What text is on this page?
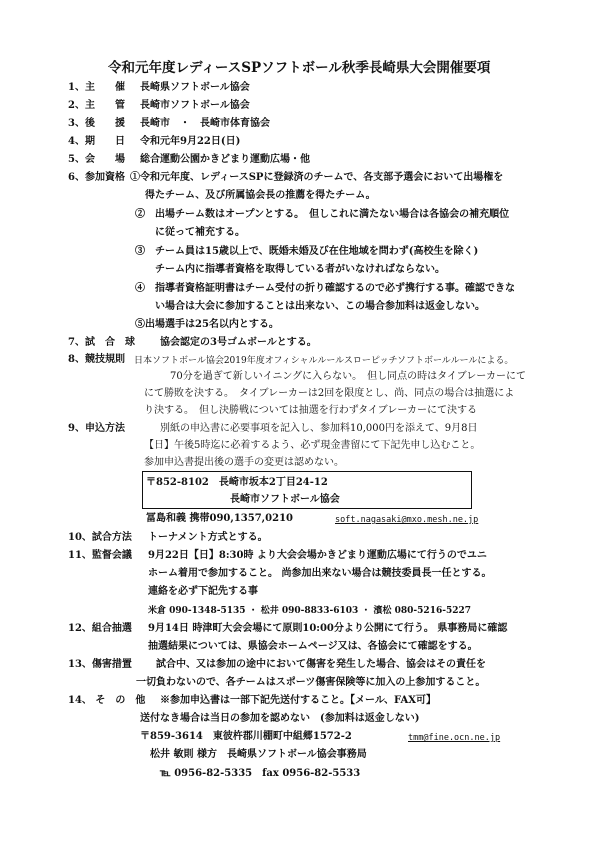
令和元年度レディースSPソフトボール秋季長崎県大会開催要項
1、主　　催 長崎県ソフトボール協会
2、主　　管 長崎市ソフトボール協会
3、後　　援 長崎市　・　長崎市体育協会
4、期　　日 令和元年9月22日(日)
5、会　　場 総合運動公園かきどまり運動広場・他
6、参加資格 ①令和元年度、レディースSPに登録済のチームで、各支部予選会において出場権を
得たチーム、及び所属協会長の推薦を得たチーム。
②　出場チーム数はオープンとする。　但しこれに満たない場合は各協会の補充順位
に従って補充する。
③　チーム員は15歳以上で、既婚未婚及び在住地域を問わず(高校生を除く)
チーム内に指導者資格を取得している者がいなければならない。
④　指導者資格証明書はチーム受付の折り確認するので必ず携行する事。確認できな
い場合は大会に参加することは出来ない、この場合参加料は返金しない。
⑤出場選手は25名以内とする。
7、試　合　球	協会認定の3号ゴムボールとする。
8、競技規則 日本ソフトボール協会2019年度オフィシャルルールスローピッチソフトボールルールによる。
70分を過ぎて新しいイニングに入らない。　但し同点の時はタイブレーカーにて
にて勝敗を決する。　タイブレーカーは2回を限度とし、尚、同点の場合は抽選によ
り決する。　但し決勝戦については抽選を行わずタイブレーカーにて決する
9、申込方法	別紙の申込書に必要事項を記入し、参加料10,000円を添えて、9月8日
【日】午後5時迄に必着するよう、必ず現金書留にて下記先申し込むこと。
参加申込書提出後の選手の変更は認めない。
〒852-8102　長崎市坂本2丁目24-12
長崎市ソフトボール協会
冨島和義 携帯090,1357,0210	soft.nagasaki@mxo.mesh.ne.jp
10、試合方法 トーナメント方式とする。
11、監督会議 9月22日【日】8:30時 より大会会場かきどまり運動広場にて行うのでユニ
ホーム着用で参加すること。 尚参加出来ない場合は競技委員長一任とする。
連絡を必ず下記先する事
米倉 090-1348-5135 ・ 松井 090-8833-6103 ・ 濱松 080-5216-5227
12、組合抽選 9月14日 時津町大会会場にて原則10:00分より公開にて行う。 県事務局に確認
抽選結果については、県協会ホームページ又は、各協会にて確認をする。
13、傷害措置 試合中、又は参加の途中において傷害を発生した場合、協会はその責任を
一切負わないので、各チームはスポーツ傷害保険等に加入の上参加すること。
14、 そ　の　他 ※参加申込書は一部下記先送付すること。【メール、FAX可】
送付なき場合は当日の参加を認めない　(参加料は返金しない)
〒859-3614　東彼杵郡川棚町中組郷1572-2	tmm@fine.ocn.ne.jp
松井 敏則 様方　長崎県ソフトボール協会事務局
℡ 0956-82-5335　fax 0956-82-5533
